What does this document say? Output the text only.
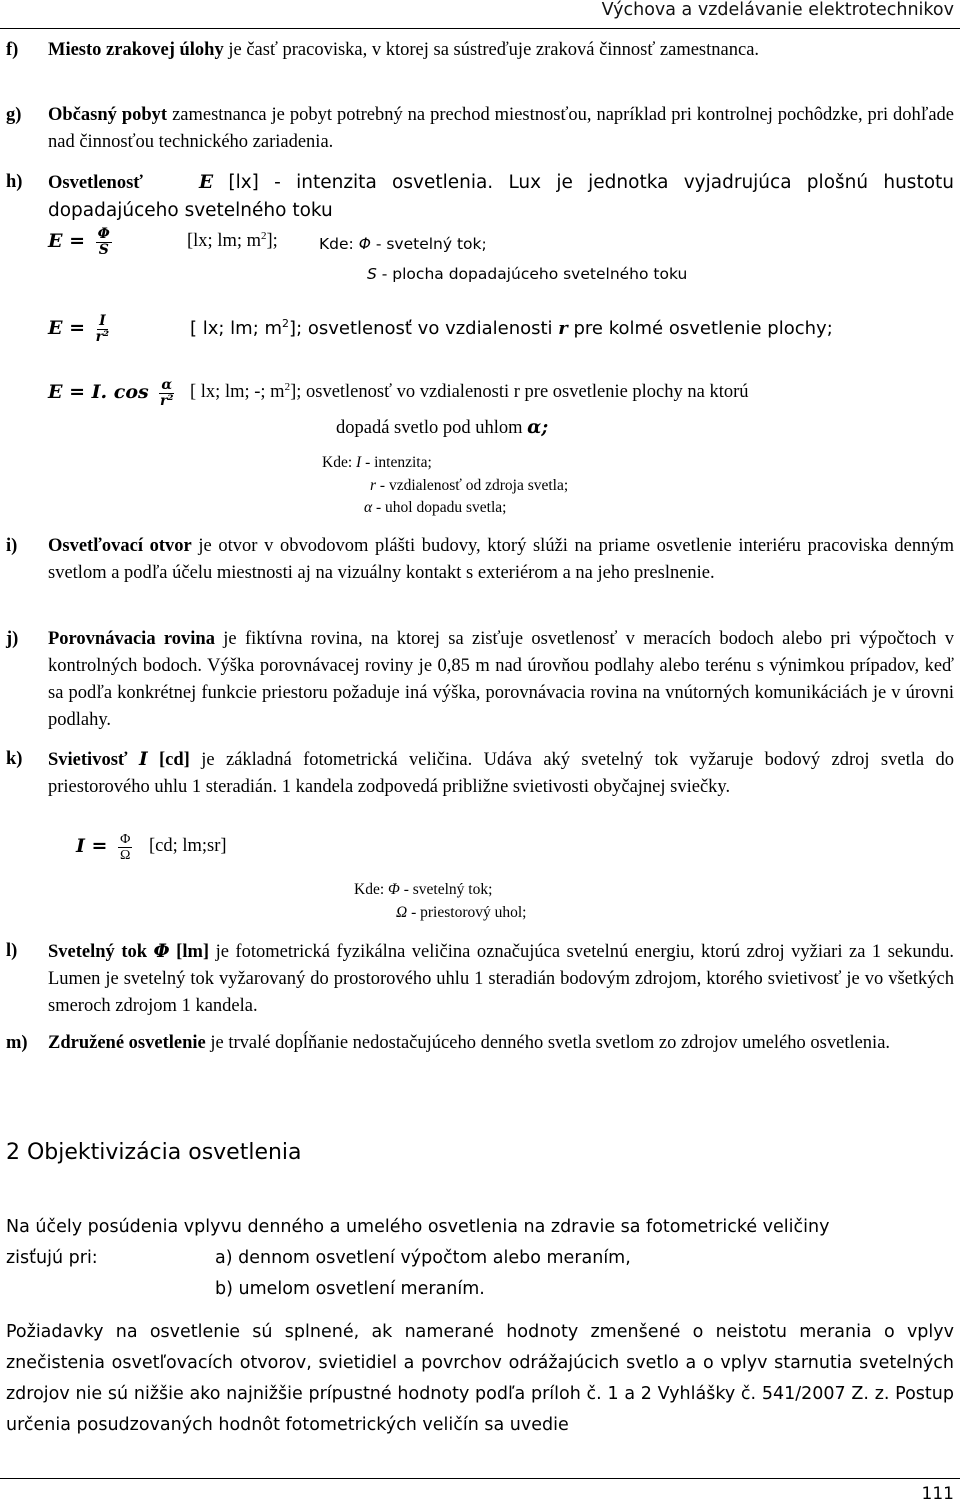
Výchova a vzdelávanie elektrotechnikov
f) Miesto zrakovej úlohy je časť pracoviska, v ktorej sa sústreďuje zraková činnosť zamestnanca.
g) Občasný pobyt zamestnanca je pobyt potrebný na prechod miestnosťou, napríklad pri kontrolnej pochôdzke, pri dohľade nad činnosťou technického zariadenia.
h) Osvetlenosť	E [lx] - intenzita osvetlenia. Lux je jednotka vyjadrujúca plošnú hustotu dopadajúceho svetelného toku
$E = \frac{\Phi}{S}$	[lx; lm; $m^2$];	Kde: Φ - svetelný tok;
S - plocha dopadajúceho svetelného toku
$E = \frac{I}{\text{r²}}$	[ lx; lm; $m^2$]; osvetlenosť vo vzdialenosti r pre kolmé osvetlenie plochy;
E = I. $\cos \frac{\alpha}{\text{r²}}$ [ lx; lm; -; $m^2$]; osvetlenosť vo vzdialenosti r pre osvetlenie plochy na ktorú
dopadá svetlo pod uhlom α;
Kde: I - intenzita;
r - vzdialenosť od zdroja svetla;
α - uhol dopadu svetla;
i) Osvetľovací otvor je otvor v obvodovom plášti budovy, ktorý slúži na priame osvetlenie interiéru pracoviska denným svetlom a podľa účelu miestnosti aj na vizuálny kontakt s exteriérom a na jeho preslnenie.
j) Porovnávacia rovina je fiktívna rovina, na ktorej sa zisťuje osvetlenosť v meracích bodoch alebo pri výpočtoch v kontrolných bodoch. Výška porovnávacej roviny je 0,85 m nad úrovňou podlahy alebo terénu s výnimkou prípadov, keď sa podľa konkrétnej funkcie priestoru požaduje iná výška, porovnávacia rovina na vnútorných komunikáciách je v úrovni podlahy.
k) Svietivosť I [cd] je základná fotometrická veličina. Udáva aký svetelný tok vyžaruje bodový zdroj svetla do priestorového uhlu 1 steradián. 1 kandela zodpovedá približne svietivosti obyčajnej sviečky.
$I = \frac{\Phi}{\Omega} [cd$; lm;sr]
Kde: Φ - svetelný tok;
Ω - priestorový uhol;
l) Svetelný tok Φ [lm] je fotometrická fyzikálna veličina označujúca svetelnú energiu, ktorú zdroj vyžiari za 1 sekundu. Lumen je svetelný tok vyžarovaný do prostorového uhlu 1 steradián bodovým zdrojom, ktorého svietivosť je vo všetkých smeroch zdrojom 1 kandela.
m) Združené osvetlenie je trvalé dopĺňanie nedostačujúceho denného svetla svetlom zo zdrojov umelého osvetlenia.
2 Objektivizácia osvetlenia
Na účely posúdenia vplyvu denného a umelého osvetlenia na zdravie sa fotometrické veličiny
zisťujú pri:	a) dennom osvetlení výpočtom alebo meraním,
b) umelom osvetlení meraním.
Požiadavky na osvetlenie sú splnené, ak namerané hodnoty zmenšené o neistotu merania o vplyv znečistenia osvetľovacích otvorov, svietidiel a povrchov odrážajúcich svetlo a o vplyv starnutia svetelných zdrojov nie sú nižšie ako najnižšie prípustné hodnoty podľa príloh č. 1 a 2 Vyhlášky č. 541/2007 Z. z. Postup určenia posudzovaných hodnôt fotometrických veličín sa uvedie
111
